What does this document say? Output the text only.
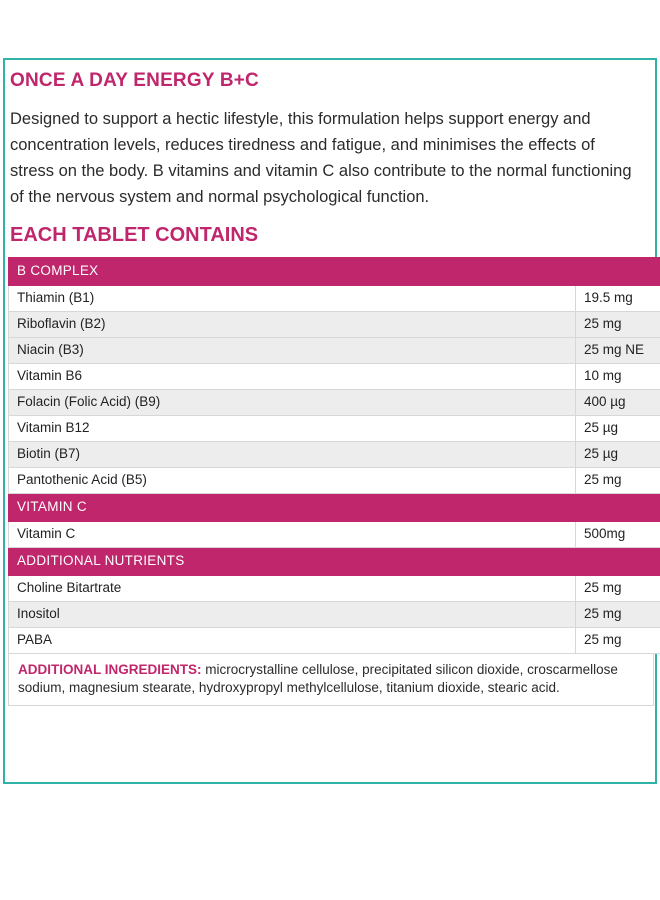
ONCE A DAY ENERGY B+C

Designed to support a hectic lifestyle, this formulation helps support energy and concentration levels, reduces tiredness and fatigue, and minimises the effects of stress on the body. B vitamins and vitamin C also contribute to the normal functioning of the nervous system and normal psychological function.

EACH TABLET CONTAINS
B COMPLEX	
Thiamin (B1)	19.5 mg
Riboflavin (B2)	25 mg
Niacin (B3)	25 mg NE
Vitamin B6	10 mg
Folacin (Folic Acid) (B9)	400 µg
Vitamin B12	25 µg
Biotin (B7)	25 µg
Pantothenic Acid (B5)	25 mg
VITAMIN C	
Vitamin C	500mg
ADDITIONAL NUTRIENTS	
Choline Bitartrate	25 mg
Inositol	25 mg
PABA	25 mg
ADDITIONAL INGREDIENTS: microcrystalline cellulose, precipitated silicon dioxide, croscarmellose sodium, magnesium stearate, hydroxypropyl methylcellulose, titanium dioxide, stearic acid.
